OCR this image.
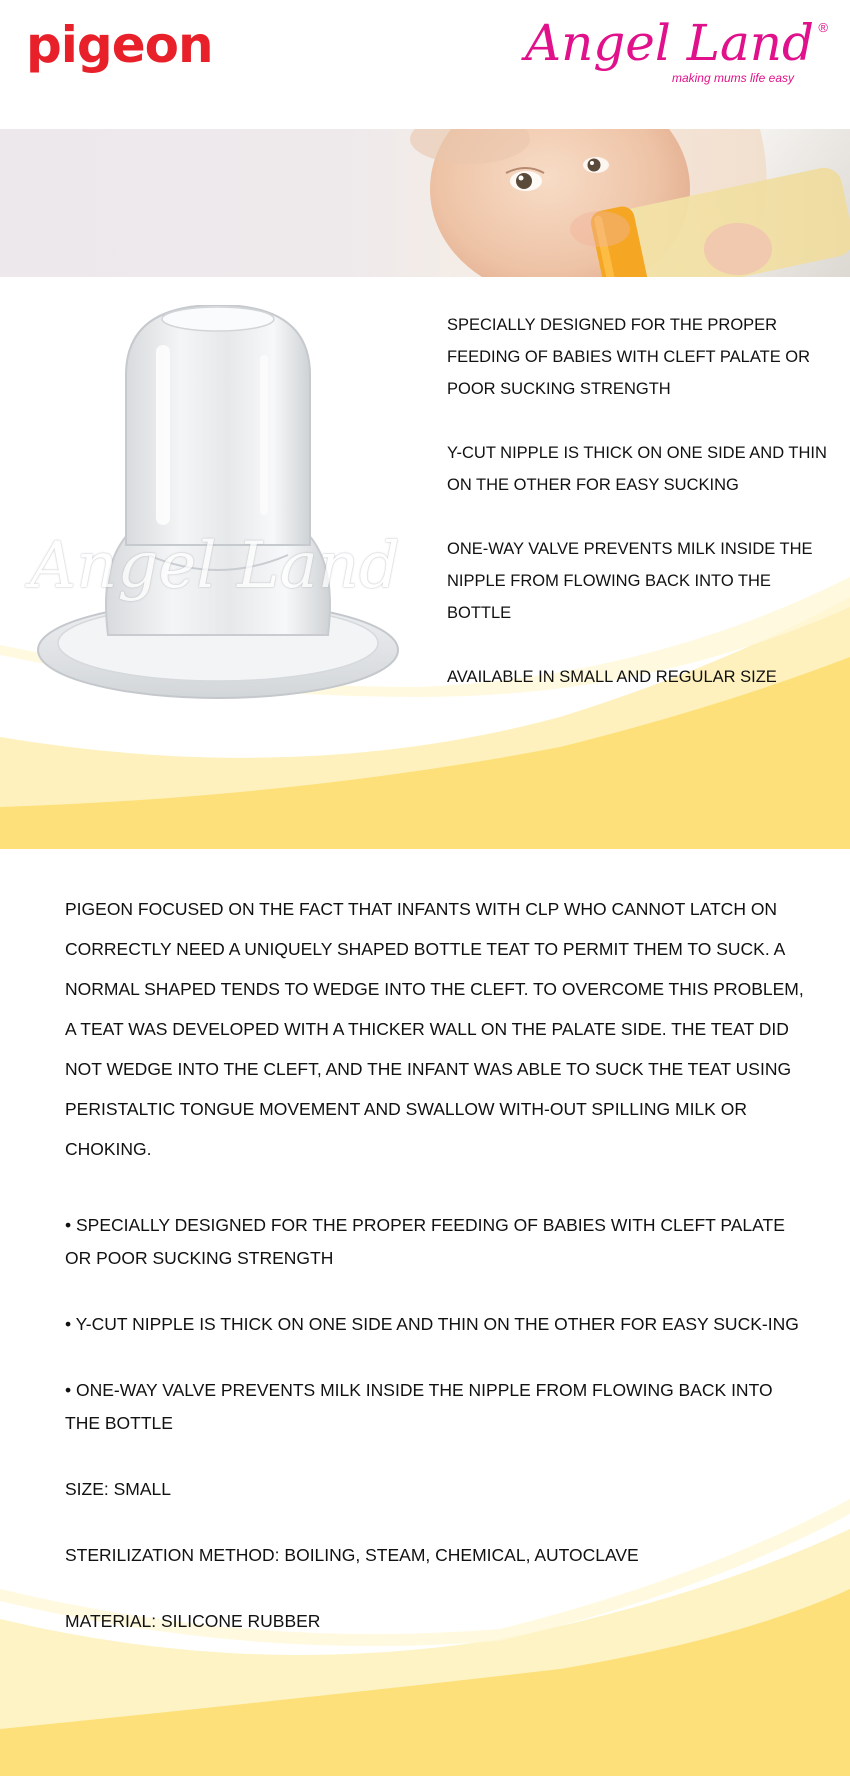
pigeon	Angel Land ®
making mums life easy
Angel Land
SPECIALLY DESIGNED FOR THE PROPER FEEDING OF BABIES WITH CLEFT PALATE OR POOR SUCKING STRENGTH
Y-CUT NIPPLE IS THICK ON ONE SIDE AND THIN ON THE OTHER FOR EASY SUCKING
ONE-WAY VALVE PREVENTS MILK INSIDE THE NIPPLE FROM FLOWING BACK INTO THE BOTTLE
AVAILABLE IN SMALL AND REGULAR SIZE

PIGEON FOCUSED ON THE FACT THAT INFANTS WITH CLP WHO CANNOT LATCH ON CORRECTLY NEED A UNIQUELY SHAPED BOTTLE TEAT TO PERMIT THEM TO SUCK. A NORMAL SHAPED TENDS TO WEDGE INTO THE CLEFT. TO OVERCOME THIS PROBLEM, A TEAT WAS DEVELOPED WITH A THICKER WALL ON THE PALATE SIDE. THE TEAT DID NOT WEDGE INTO THE CLEFT, AND THE INFANT WAS ABLE TO SUCK THE TEAT USING PERISTALTIC TONGUE MOVEMENT AND SWALLOW WITH-OUT SPILLING MILK OR CHOKING.

• SPECIALLY DESIGNED FOR THE PROPER FEEDING OF BABIES WITH CLEFT PALATE OR POOR SUCKING STRENGTH
• Y-CUT NIPPLE IS THICK ON ONE SIDE AND THIN ON THE OTHER FOR EASY SUCK-ING
• ONE-WAY VALVE PREVENTS MILK INSIDE THE NIPPLE FROM FLOWING BACK INTO THE BOTTLE
SIZE: SMALL
STERILIZATION METHOD: BOILING, STEAM, CHEMICAL, AUTOCLAVE
MATERIAL: SILICONE RUBBER
